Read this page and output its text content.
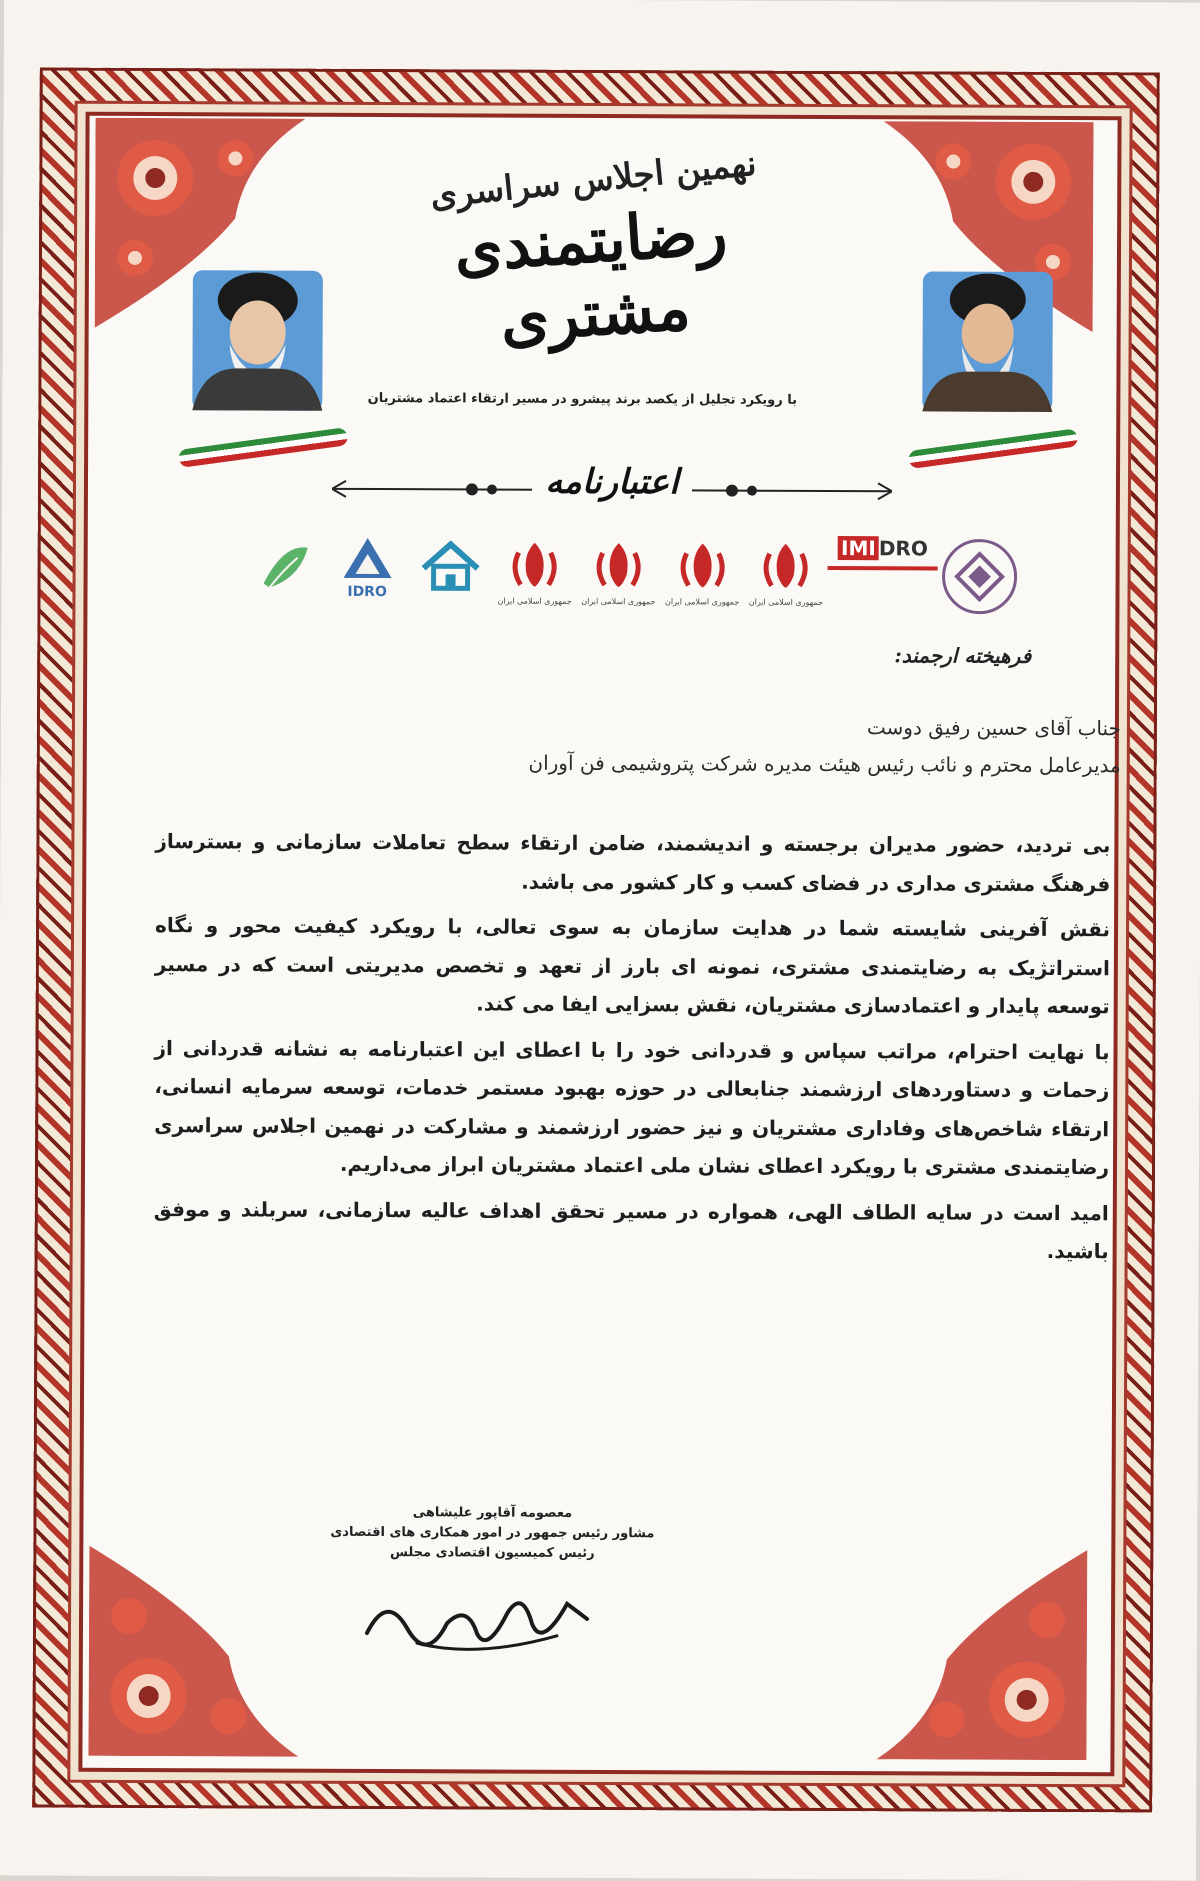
نهمین اجلاس سراسری
رضایتمندی مشتری
با رویکرد تجلیل از یکصد برند پیشرو در مسیر ارتقاء اعتماد مشتریان
اعتبارنامه
IMI DRO
جمهوری اسلامی ایران
جمهوری اسلامی ایران
جمهوری اسلامی ایران
جمهوری اسلامی ایران
IDRO
فرهیخته ارجمند:
جناب آقای حسین رفیق دوست
مدیرعامل محترم و نائب رئیس هیئت مدیره شرکت پتروشیمی فن آوران

بی تردید، حضور مدیران برجسته و اندیشمند، ضامن ارتقاء سطح تعاملات سازمانی و بسترساز فرهنگ مشتری مداری در فضای کسب و کار کشور می باشد.

نقش آفرینی شایسته شما در هدایت سازمان به سوی تعالی، با رویکرد کیفیت محور و نگاه استراتژیک به رضایتمندی مشتری، نمونه ای بارز از تعهد و تخصص مدیریتی است که در مسیر توسعه پایدار و اعتمادسازی مشتریان، نقش بسزایی ایفا می کند.

با نهایت احترام، مراتب سپاس و قدردانی خود را با اعطای این اعتبارنامه به نشانه قدردانی از زحمات و دستاوردهای ارزشمند جنابعالی در حوزه بهبود مستمر خدمات، توسعه سرمایه انسانی، ارتقاء شاخص‌های وفاداری مشتریان و نیز حضور ارزشمند و مشارکت در نهمین اجلاس سراسری رضایتمندی مشتری با رویکرد اعطای نشان ملی اعتماد مشتریان ابراز می‌داریم.

امید است در سایه الطاف الهی، همواره در مسیر تحقق اهداف عالیه سازمانی، سربلند و موفق باشید.

معصومه آقاپور علیشاهی
مشاور رئیس جمهور در امور همکاری های اقتصادی
رئیس کمیسیون اقتصادی مجلس
